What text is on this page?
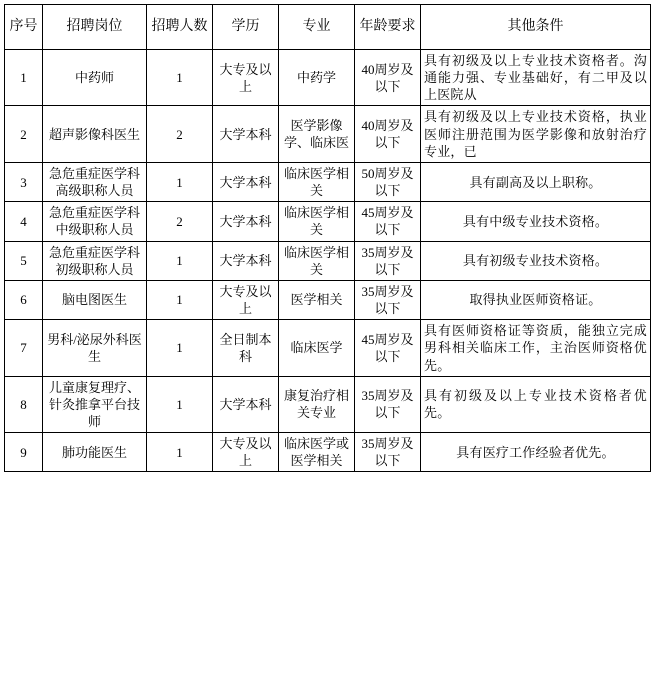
序号	招聘岗位	招聘人数	学历	专业	年龄要求	其他条件
1	中药师	1	大专及以上	中药学	40周岁及以下	具有初级及以上专业技术资格者。沟通能力强、专业基础好，有二甲及以上医院从
2	超声影像科医生	2	大学本科	医学影像学、临床医	40周岁及以下	具有初级及以上专业技术资格，执业医师注册范围为医学影像和放射治疗专业，已
3	急危重症医学科高级职称人员	1	大学本科	临床医学相关	50周岁及以下	具有副高及以上职称。
4	急危重症医学科中级职称人员	2	大学本科	临床医学相关	45周岁及以下	具有中级专业技术资格。
5	急危重症医学科初级职称人员	1	大学本科	临床医学相关	35周岁及以下	具有初级专业技术资格。
6	脑电图医生	1	大专及以上	医学相关	35周岁及以下	取得执业医师资格证。
7	男科/泌尿外科医生	1	全日制本科	临床医学	45周岁及以下	具有医师资格证等资质，能独立完成男科相关临床工作，主治医师资格优先。
8	儿童康复理疗、针灸推拿平台技师	1	大学本科	康复治疗相关专业	35周岁及以下	具有初级及以上专业技术资格者优先。
9	肺功能医生	1	大专及以上	临床医学或医学相关	35周岁及以下	具有医疗工作经验者优先。
